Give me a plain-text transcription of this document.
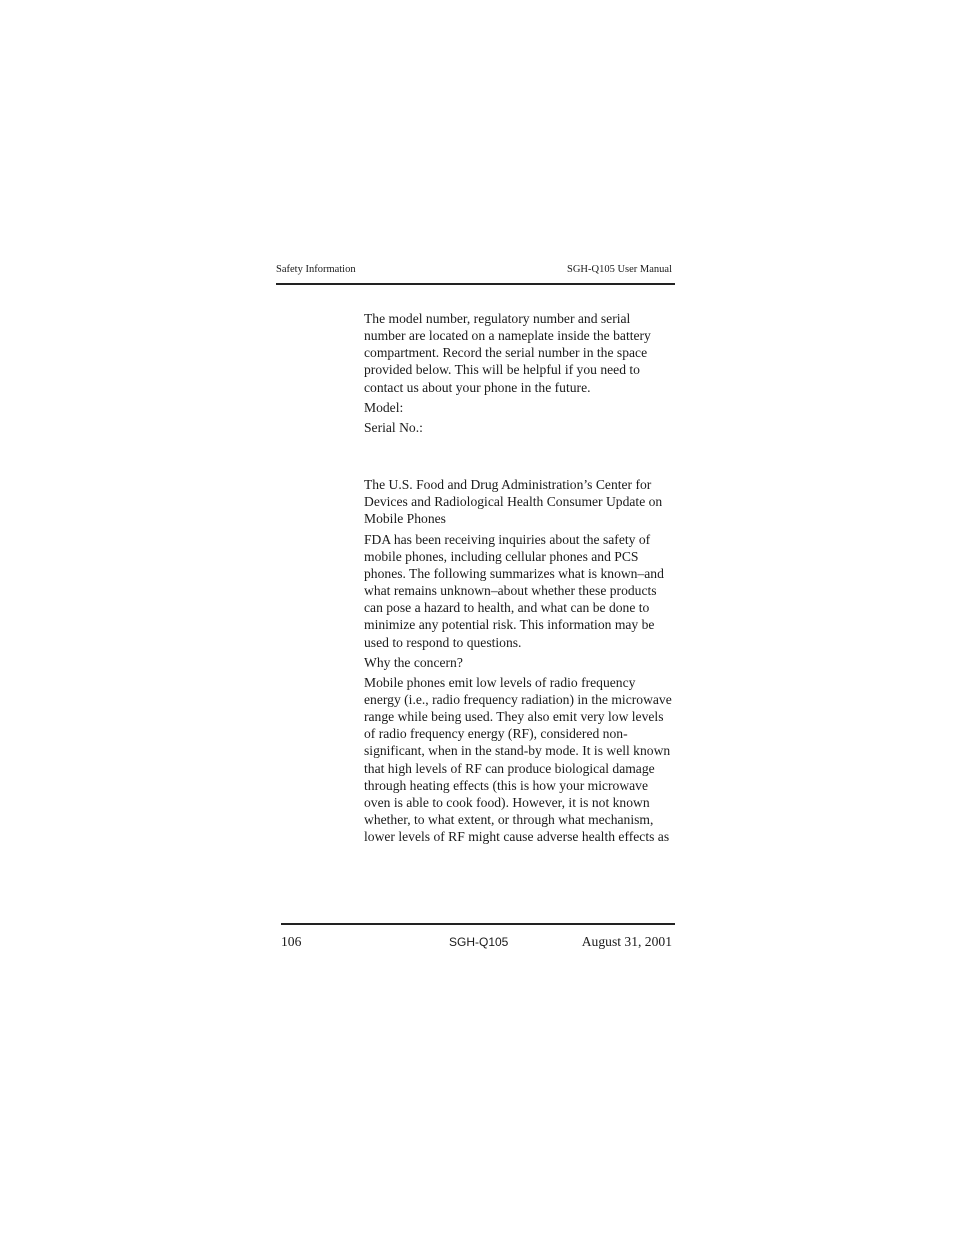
Safety Information	SGH-Q105 User Manual

The model number, regulatory number and serial number are located on a nameplate inside the battery compartment. Record the serial number in the space provided below. This will be helpful if you need to contact us about your phone in the future.

Model:

Serial No.:

The U.S. Food and Drug Administration’s Center for Devices and Radiological Health Consumer Update on Mobile Phones

FDA has been receiving inquiries about the safety of mobile phones, including cellular phones and PCS phones. The following summarizes what is known–and what remains unknown–about whether these products can pose a hazard to health, and what can be done to minimize any potential risk. This information may be used to respond to questions.

Why the concern?

Mobile phones emit low levels of radio frequency energy (i.e., radio frequency radiation) in the microwave range while being used. They also emit very low levels of radio frequency energy (RF), considered non-significant, when in the stand-by mode. It is well known that high levels of RF can produce biological damage through heating effects (this is how your microwave oven is able to cook food). However, it is not known whether, to what extent, or through what mechanism, lower levels of RF might cause adverse health effects as

106	SGH-Q105	August 31, 2001
